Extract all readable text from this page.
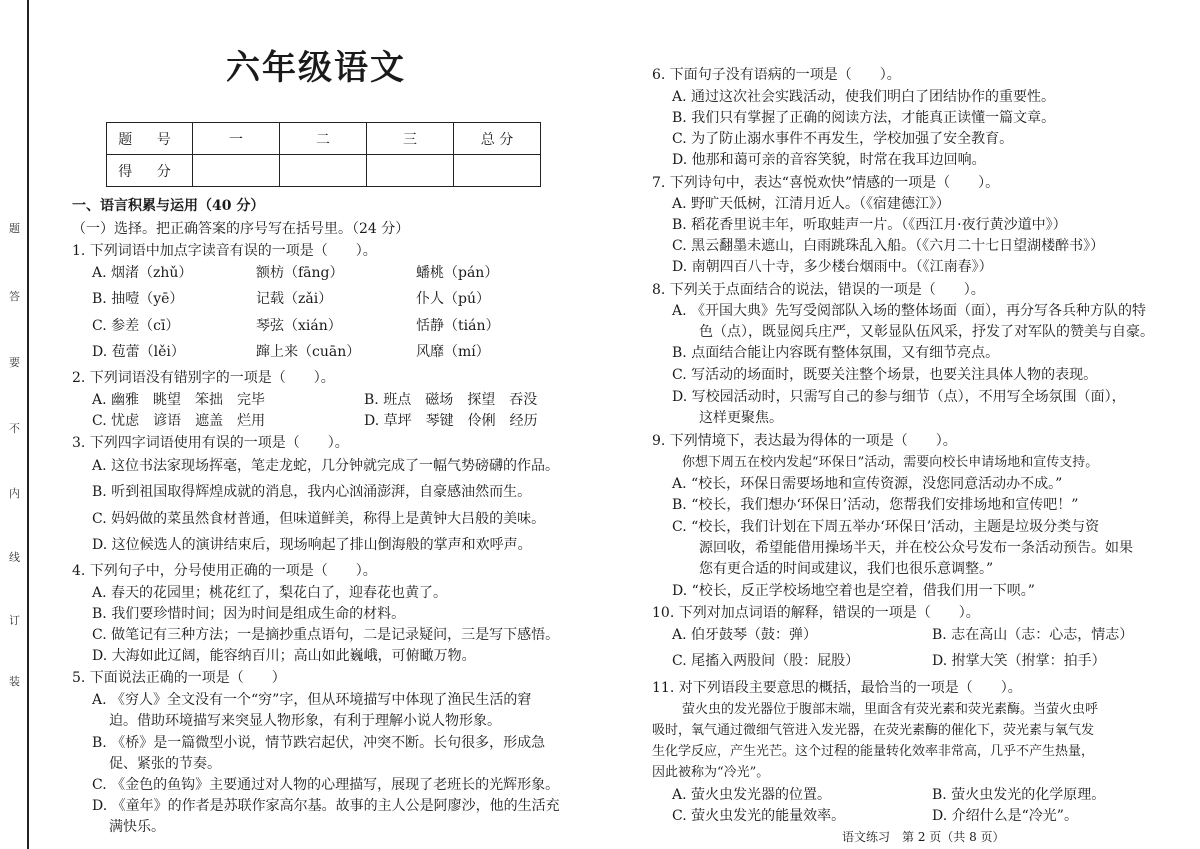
题
答
要
不
内
线
订
装
六年级语文
题 号	一	二	三	总 分
得 分				
一、语言积累与运用（40 分）
（一）选择。把正确答案的序号写在括号里。（24 分）
1. 下列词语中加点字读音有误的一项是（　　）。
A. 烟渚（zhǔ）	额枋（fāng）	蟠桃（pán）
B. 抽噎（yē）	记载（zǎi）	仆人（pú）
C. 参差（cī）	琴弦（xián）	恬静（tián）
D. 苞蕾（lěi）	蹿上来（cuān）	风靡（mí）
2. 下列词语没有错别字的一项是（　　）。
A. 幽雅　眺望　笨拙　完毕	B. 班点　磁场　探望　吞没
C. 忧虑　谚语　遮盖　烂用	D. 草坪　琴键　伶俐　经历
3. 下列四字词语使用有误的一项是（　　）。
A. 这位书法家现场挥毫，笔走龙蛇，几分钟就完成了一幅气势磅礴的作品。
B. 听到祖国取得辉煌成就的消息，我内心汹涌澎湃，自豪感油然而生。
C. 妈妈做的菜虽然食材普通，但味道鲜美，称得上是黄钟大吕般的美味。
D. 这位候选人的演讲结束后，现场响起了排山倒海般的掌声和欢呼声。
4. 下列句子中，分号使用正确的一项是（　　）。
A. 春天的花园里；桃花红了，梨花白了，迎春花也黄了。
B. 我们要珍惜时间；因为时间是组成生命的材料。
C. 做笔记有三种方法；一是摘抄重点语句，二是记录疑问，三是写下感悟。
D. 大海如此辽阔，能容纳百川；高山如此巍峨，可俯瞰万物。
5. 下面说法正确的一项是（　　）
A. 《穷人》全文没有一个“穷”字，但从环境描写中体现了渔民生活的窘
迫。借助环境描写来突显人物形象，有利于理解小说人物形象。
B. 《桥》是一篇微型小说，情节跌宕起伏，冲突不断。长句很多，形成急
促、紧张的节奏。
C. 《金色的鱼钩》主要通过对人物的心理描写，展现了老班长的光辉形象。
D. 《童年》的作者是苏联作家高尔基。故事的主人公是阿廖沙，他的生活充
满快乐。
6. 下面句子没有语病的一项是（　　）。
A. 通过这次社会实践活动，使我们明白了团结协作的重要性。
B. 我们只有掌握了正确的阅读方法，才能真正读懂一篇文章。
C. 为了防止溺水事件不再发生，学校加强了安全教育。
D. 他那和蔼可亲的音容笑貌，时常在我耳边回响。
7. 下列诗句中，表达“喜悦欢快”情感的一项是（　　）。
A. 野旷天低树，江清月近人。（《宿建德江》）
B. 稻花香里说丰年，听取蛙声一片。（《西江月·夜行黄沙道中》）
C. 黑云翻墨未遮山，白雨跳珠乱入船。（《六月二十七日望湖楼醉书》）
D. 南朝四百八十寺，多少楼台烟雨中。（《江南春》）
8. 下列关于点面结合的说法，错误的一项是（　　）。
A. 《开国大典》先写受阅部队入场的整体场面（面），再分写各兵种方队的特
色（点），既显阅兵庄严，又彰显队伍风采，抒发了对军队的赞美与自豪。
B. 点面结合能让内容既有整体氛围，又有细节亮点。
C. 写活动的场面时，既要关注整个场景，也要关注具体人物的表现。
D. 写校园活动时，只需写自己的参与细节（点），不用写全场氛围（面），
这样更聚焦。
9. 下列情境下，表达最为得体的一项是（　　）。
你想下周五在校内发起“环保日”活动，需要向校长申请场地和宣传支持。
A. “校长，环保日需要场地和宣传资源，没您同意活动办不成。”
B. “校长，我们想办‘环保日’活动，您帮我们安排场地和宣传吧！”
C. “校长，我们计划在下周五举办‘环保日’活动，主题是垃圾分类与资
源回收，希望能借用操场半天，并在校公众号发布一条活动预告。如果
您有更合适的时间或建议，我们也很乐意调整。”
D. “校长，反正学校场地空着也是空着，借我们用一下呗。”
10. 下列对加点词语的解释，错误的一项是（　　）。
A. 伯牙鼓琴（鼓：弹）	B. 志在高山（志：心志，情志）
C. 尾搐入两股间（股：屁股）	D. 拊掌大笑（拊掌：拍手）
11. 对下列语段主要意思的概括，最恰当的一项是（　　）。
萤火虫的发光器位于腹部末端，里面含有荧光素和荧光素酶。当萤火虫呼
吸时，氧气通过微细气管进入发光器，在荧光素酶的催化下，荧光素与氧气发
生化学反应，产生光芒。这个过程的能量转化效率非常高，几乎不产生热量，
因此被称为“冷光”。
A. 萤火虫发光器的位置。	B. 萤火虫发光的化学原理。
C. 萤火虫发光的能量效率。	D. 介绍什么是“冷光”。
语文练习　第 2 页（共 8 页）
